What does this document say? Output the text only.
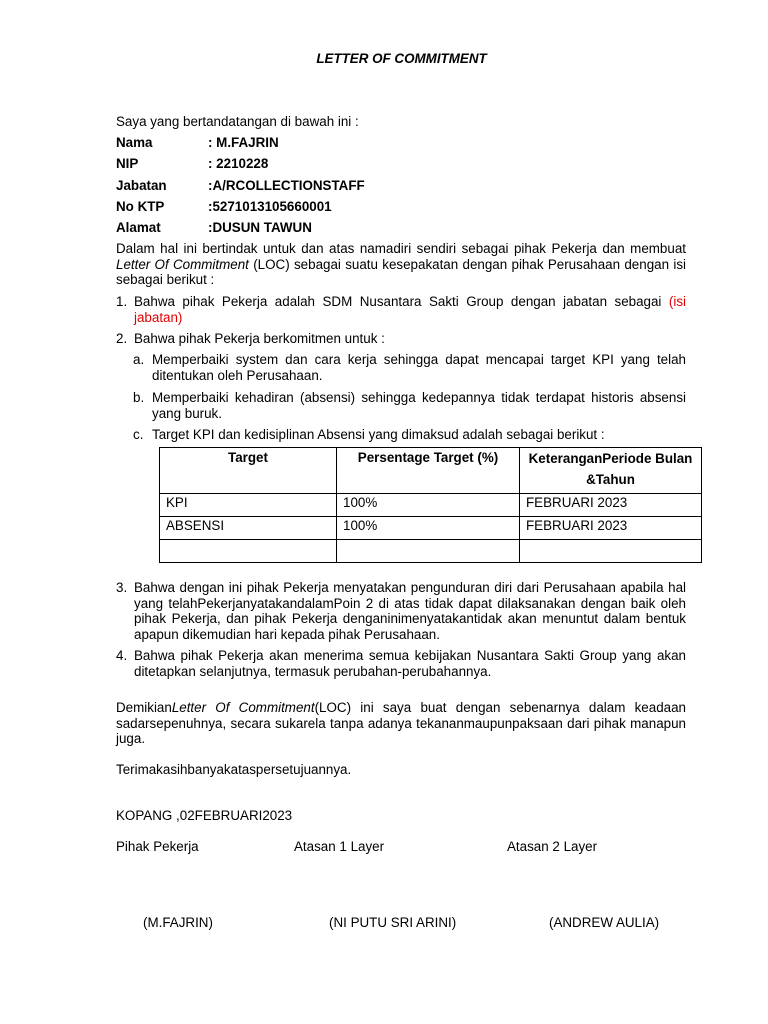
LETTER OF COMMITMENT
Saya yang bertandatangan di bawah ini :
Nama	: M.FAJRIN
NIP	: 2210228
Jabatan	:A/RCOLLECTIONSTAFF
No KTP	:5271013105660001
Alamat	:DUSUN TAWUN
Dalam hal ini bertindak untuk dan atas namadiri sendiri sebagai pihak Pekerja dan membuat Letter Of Commitment (LOC) sebagai suatu kesepakatan dengan pihak Perusahaan dengan isi sebagai berikut :
1. Bahwa pihak Pekerja adalah SDM Nusantara Sakti Group dengan jabatan sebagai (isi jabatan)
2. Bahwa pihak Pekerja berkomitmen untuk :
a. Memperbaiki system dan cara kerja sehingga dapat mencapai target KPI yang telah ditentukan oleh Perusahaan.
b. Memperbaiki kehadiran (absensi) sehingga kedepannya tidak terdapat historis absensi yang buruk.
c. Target KPI dan kedisiplinan Absensi yang dimaksud adalah sebagai berikut :
Target	Persentage Target (%)	KeteranganPeriode Bulan &Tahun
KPI	100%	FEBRUARI 2023
ABSENSI	100%	FEBRUARI 2023

3. Bahwa dengan ini pihak Pekerja menyatakan pengunduran diri dari Perusahaan apabila hal yang telahPekerjanyatakandalamPoin 2 di atas tidak dapat dilaksanakan dengan baik oleh pihak Pekerja, dan pihak Pekerja denganinimenyatakantidak akan menuntut dalam bentuk apapun dikemudian hari kepada pihak Perusahaan.
4. Bahwa pihak Pekerja akan menerima semua kebijakan Nusantara Sakti Group yang akan ditetapkan selanjutnya, termasuk perubahan-perubahannya.
DemikianLetter Of Commitment(LOC) ini saya buat dengan sebenarnya dalam keadaan sadarsepenuhnya, secara sukarela tanpa adanya tekananmaupunpaksaan dari pihak manapun juga.
Terimakasihbanyakataspersetujuannya.
KOPANG ,02FEBRUARI2023
Pihak Pekerja	Atasan 1 Layer	Atasan 2 Layer
(M.FAJRIN)	(NI PUTU SRI ARINI)	(ANDREW AULIA)
